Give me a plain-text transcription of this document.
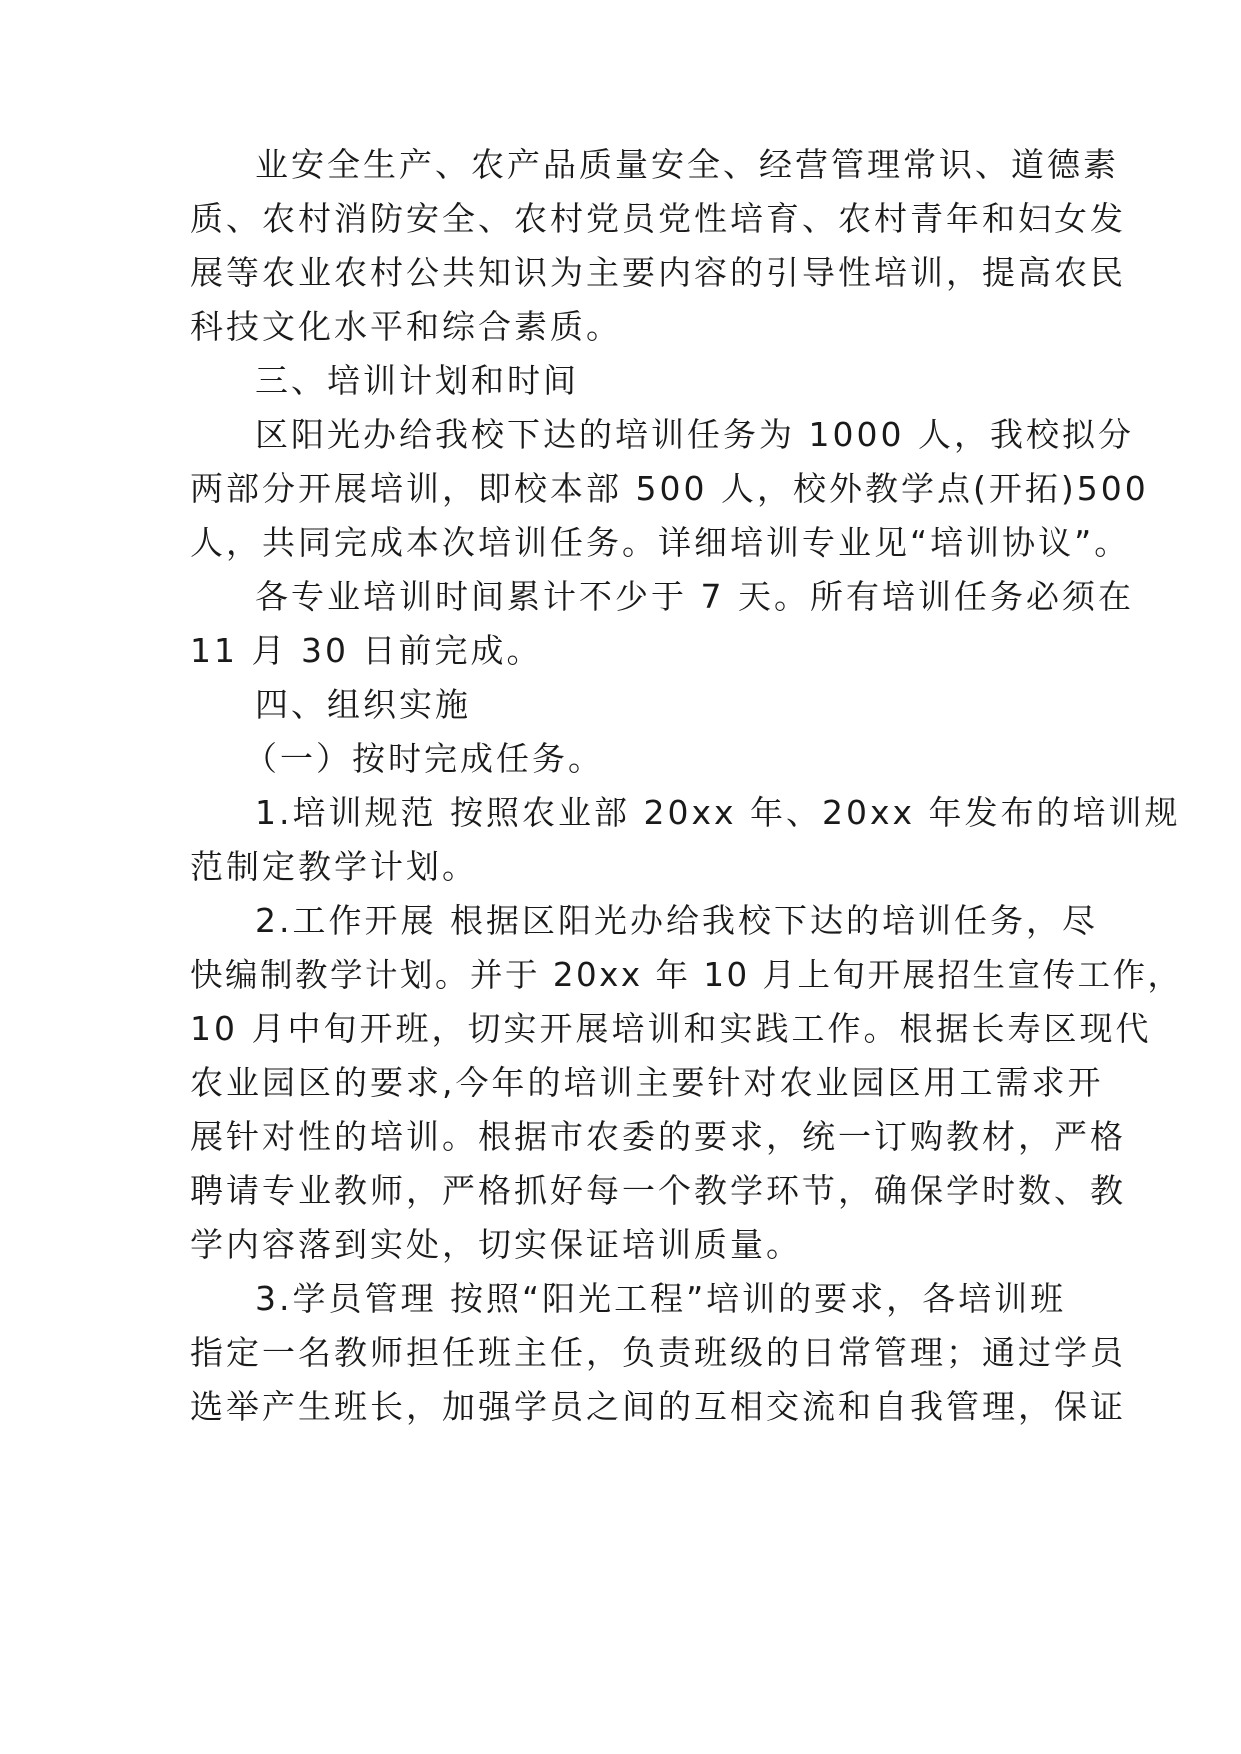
业安全生产、农产品质量安全、经营管理常识、道德素
质、农村消防安全、农村党员党性培育、农村青年和妇女发
展等农业农村公共知识为主要内容的引导性培训，提高农民
科技文化水平和综合素质。
三、培训计划和时间
区阳光办给我校下达的培训任务为 1000 人，我校拟分
两部分开展培训，即校本部 500 人，校外教学点(开拓)500
人，共同完成本次培训任务。详细培训专业见“培训协议”。
各专业培训时间累计不少于 7 天。所有培训任务必须在
11 月 30 日前完成。
四、组织实施
（一）按时完成任务。
1.培训规范 按照农业部 20xx 年、20xx 年发布的培训规
范制定教学计划。
2.工作开展 根据区阳光办给我校下达的培训任务，尽
快编制教学计划。并于 20xx 年 10 月上旬开展招生宣传工作，
10 月中旬开班，切实开展培训和实践工作。根据长寿区现代
农业园区的要求,今年的培训主要针对农业园区用工需求开
展针对性的培训。根据市农委的要求，统一订购教材，严格
聘请专业教师，严格抓好每一个教学环节，确保学时数、教
学内容落到实处，切实保证培训质量。
3.学员管理 按照“阳光工程”培训的要求，各培训班
指定一名教师担任班主任，负责班级的日常管理；通过学员
选举产生班长，加强学员之间的互相交流和自我管理，保证
